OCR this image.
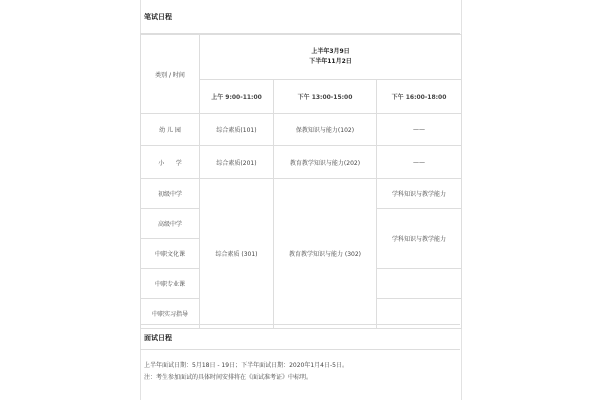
笔试日程
类别 / 时间	上半年3月9日
下半年11月2日		

	上午 9:00-11:00	下午 13:00-15:00	下午 16:00-18:00
幼 儿 园	综合素质(101)	保教知识与能力(102)	——
小      学	综合素质(201)	教育教学知识与能力(202)	——
初级中学	综合素质 (301)	教育教学知识与能力 (302)	学科知识与教学能力
高级中学			学科知识与教学能力
中职文化课			
中职专业课			
中职实习指导			
面试日程
上半年面试日期：5月18日 - 19日；下半年面试日期：2020年1月4日-5日。
注：考生参加面试的具体时间安排将在《面试准考证》中标明。
